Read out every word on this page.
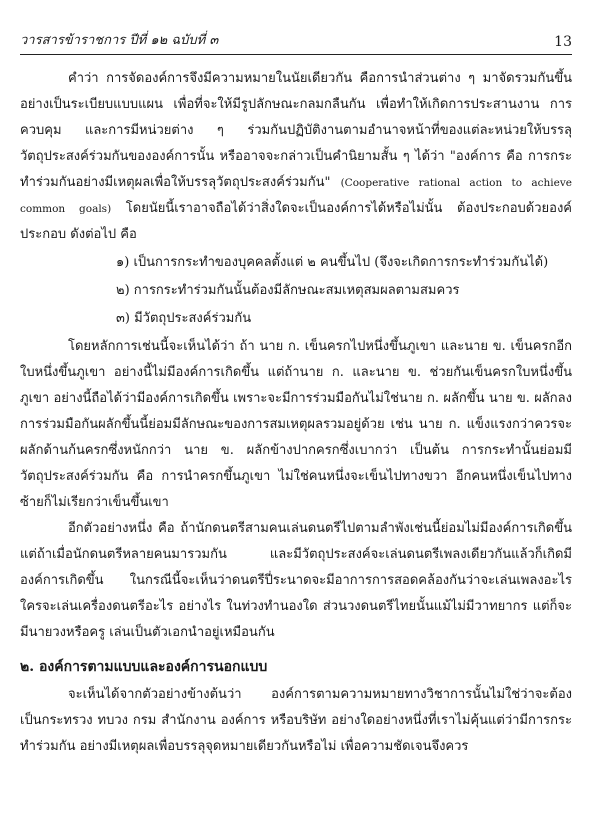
วารสารข้าราชการ ปีที่ ๑๒ ฉบับที่ ๓	13

คำว่า การจัดองค์การจึงมีความหมายในนัยเดียวกัน คือการนำส่วนต่าง ๆ มาจัดรวมกันขึ้นอย่างเป็นระเบียบแบบแผน เพื่อที่จะให้มีรูปลักษณะกลมกลืนกัน เพื่อทำให้เกิดการประสานงาน การควบคุม และการมีหน่วยต่าง ๆ ร่วมกันปฏิบัติงานตามอำนาจหน้าที่ของแต่ละหน่วยให้บรรลุวัตถุประสงค์ร่วมกันขององค์การนั้น หรืออาจจะกล่าวเป็นคำนิยามสั้น ๆ ได้ว่า "องค์การ คือ การกระทำร่วมกันอย่างมีเหตุผลเพื่อให้บรรลุวัตถุประสงค์ร่วมกัน" (Cooperative rational action to achieve common goals) โดยนัยนี้เราอาจถือได้ว่าสิ่งใดจะเป็นองค์การได้หรือไม่นั้น ต้องประกอบด้วยองค์ประกอบ ดังต่อไป คือ

๑) เป็นการกระทำของบุคคลตั้งแต่ ๒ คนขึ้นไป (จึงจะเกิดการกระทำร่วมกันได้)
๒) การกระทำร่วมกันนั้นต้องมีลักษณะสมเหตุสมผลตามสมควร
๓) มีวัตถุประสงค์ร่วมกัน

โดยหลักการเช่นนี้จะเห็นได้ว่า ถ้า นาย ก. เข็นครกไปหนึ่งขึ้นภูเขา และนาย ข. เข็นครกอีกใบหนึ่งขึ้นภูเขา อย่างนี้ไม่มีองค์การเกิดขึ้น แต่ถ้านาย ก. และนาย ข. ช่วยกันเข็นครกใบหนึ่งขึ้นภูเขา อย่างนี้ถือได้ว่ามีองค์การเกิดขึ้น เพราะจะมีการร่วมมือกันไม่ใช่นาย ก. ผลักขึ้น นาย ข. ผลักลง การร่วมมือกันผลักขึ้นนี้ย่อมมีลักษณะของการสมเหตุผลรวมอยู่ด้วย เช่น นาย ก. แข็งแรงกว่าควรจะผลักด้านก้นครกซึ่งหนักกว่า นาย ข. ผลักข้างปากครกซึ่งเบากว่า เป็นต้น การกระทำนั้นย่อมมีวัตถุประสงค์ร่วมกัน คือ การนำครกขึ้นภูเขา ไม่ใช่คนหนึ่งจะเข็นไปทางขวา อีกคนหนึ่งเข็นไปทางซ้ายก็ไม่เรียกว่าเข็นขึ้นเขา

อีกตัวอย่างหนึ่ง คือ ถ้านักดนตรีสามคนเล่นดนตรีไปตามลำพังเช่นนี้ย่อมไม่มีองค์การเกิดขึ้น แต่ถ้าเมื่อนักดนตรีหลายคนมารวมกัน และมีวัตถุประสงค์จะเล่นดนตรีเพลงเดียวกันแล้วก็เกิดมีองค์การเกิดขึ้น ในกรณีนี้จะเห็นว่าดนตรีปี่ระนาดจะมีอาการการสอดคล้องกันว่าจะเล่นเพลงอะไร ใครจะเล่นเครื่องดนตรีอะไร อย่างไร ในท่วงทำนองใด ส่วนวงดนตรีไทยนั้นแม้ไม่มีวาทยากร แต่ก็จะมีนายวงหรือครู เล่นเป็นตัวเอกนำอยู่เหมือนกัน

๒. องค์การตามแบบและองค์การนอกแบบ

จะเห็นได้จากตัวอย่างข้างต้นว่า องค์การตามความหมายทางวิชาการนั้นไม่ใช่ว่าจะต้องเป็นกระทรวง ทบวง กรม สำนักงาน องค์การ หรือบริษัท อย่างใดอย่างหนึ่งที่เราไม่คุ้นแต่ว่ามีการกระทำร่วมกัน อย่างมีเหตุผลเพื่อบรรลุจุดหมายเดียวกันหรือไม่ เพื่อความชัดเจนจึงควร
